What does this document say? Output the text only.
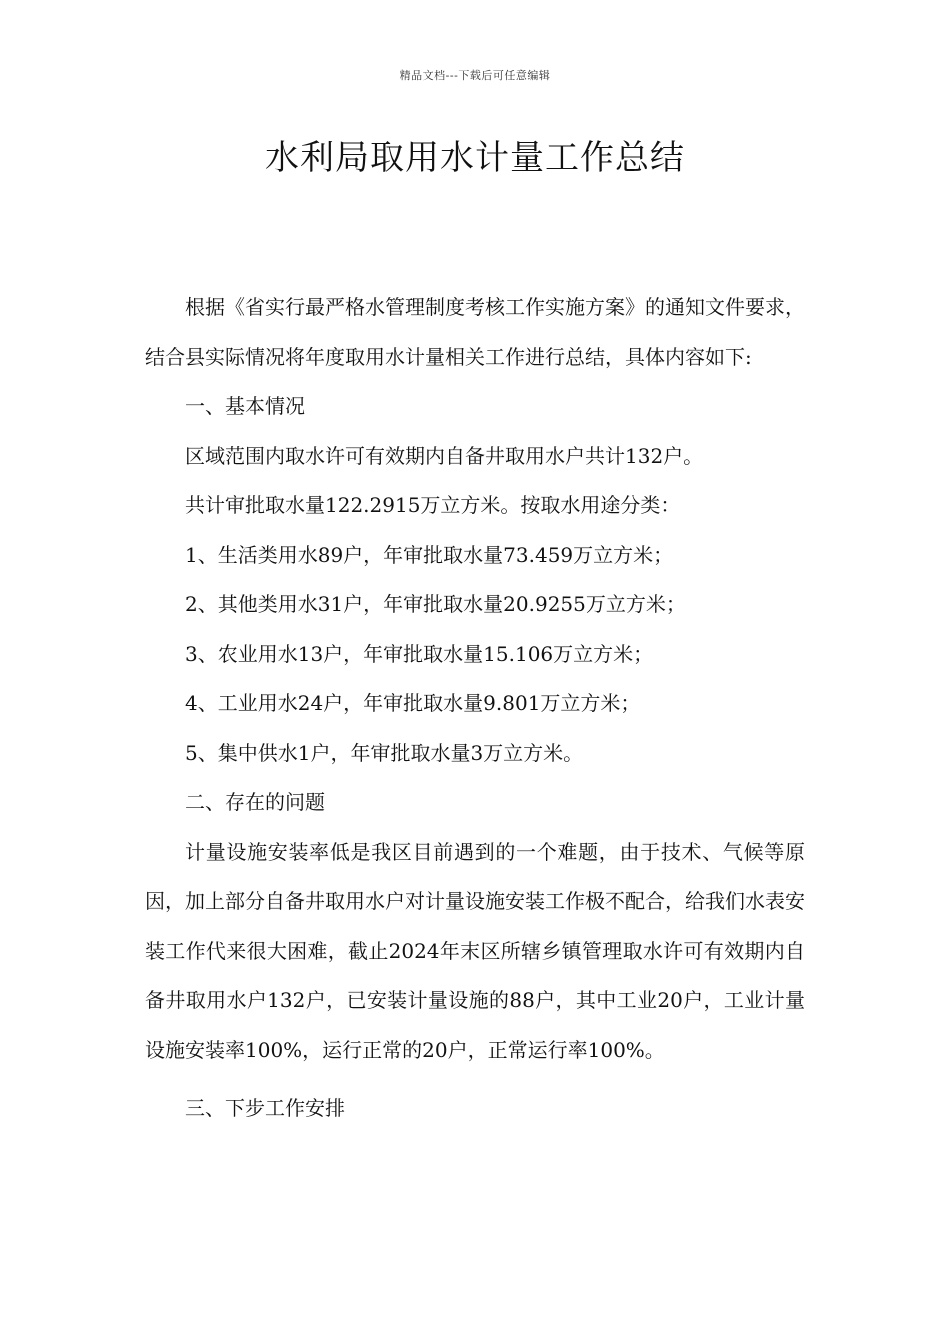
精品文档---下载后可任意编辑
水利局取用水计量工作总结

根据《省实行最严格水管理制度考核工作实施方案》的通知文件要求，结合县实际情况将年度取用水计量相关工作进行总结，具体内容如下:

一、基本情况

区域范围内取水许可有效期内自备井取用水户共计132户。

共计审批取水量122.2915万立方米。按取水用途分类：

1、生活类用水89户，年审批取水量73.459万立方米；

2、其他类用水31户，年审批取水量20.9255万立方米；

3、农业用水13户，年审批取水量15.106万立方米；

4、工业用水24户，年审批取水量9.801万立方米；

5、集中供水1户，年审批取水量3万立方米。

二、存在的问题

计量设施安装率低是我区目前遇到的一个难题，由于技术、气候等原因，加上部分自备井取用水户对计量设施安装工作极不配合，给我们水表安装工作代来很大困难，截止2024年末区所辖乡镇管理取水许可有效期内自备井取用水户132户，已安装计量设施的88户，其中工业20户，工业计量设施安装率100%，运行正常的20户，正常运行率100%。

三、下步工作安排
